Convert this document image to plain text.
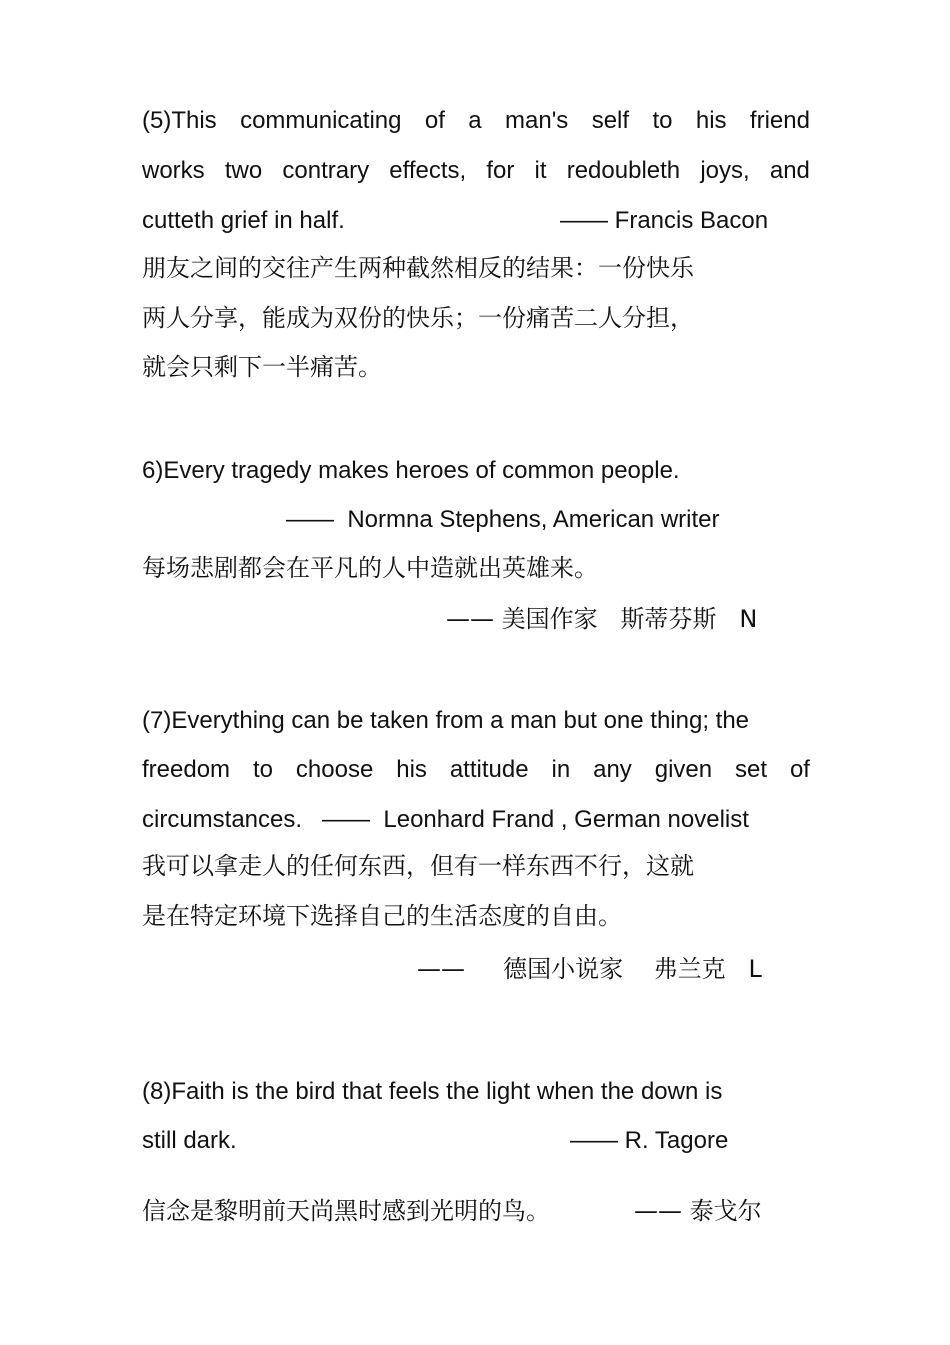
(5)This communicating of a man's self to his friend
works two contrary effects, for it redoubleth joys, and
cutteth grief in half.	—— Francis Bacon
朋友之间的交往产生两种截然相反的结果：一份快乐
两人分享，能成为双份的快乐；一份痛苦二人分担，
就会只剩下一半痛苦。
6)Every tragedy makes heroes of common people.
——  Normna Stephens, American writer
每场悲剧都会在平凡的人中造就出英雄来。
—— 美国作家   斯蒂芬斯   N
(7)Everything can be taken from a man but one thing; the
freedom to choose his attitude in any given set of
circumstances.   ——  Leonhard Frand , German novelist
我可以拿走人的任何东西，但有一样东西不行，这就
是在特定环境下选择自己的生活态度的自由。
——     德国小说家    弗兰克   L
(8)Faith is the bird that feels the light when the down is
still dark.	—— R. Tagore
信念是黎明前天尚黑时感到光明的鸟。	—— 泰戈尔
